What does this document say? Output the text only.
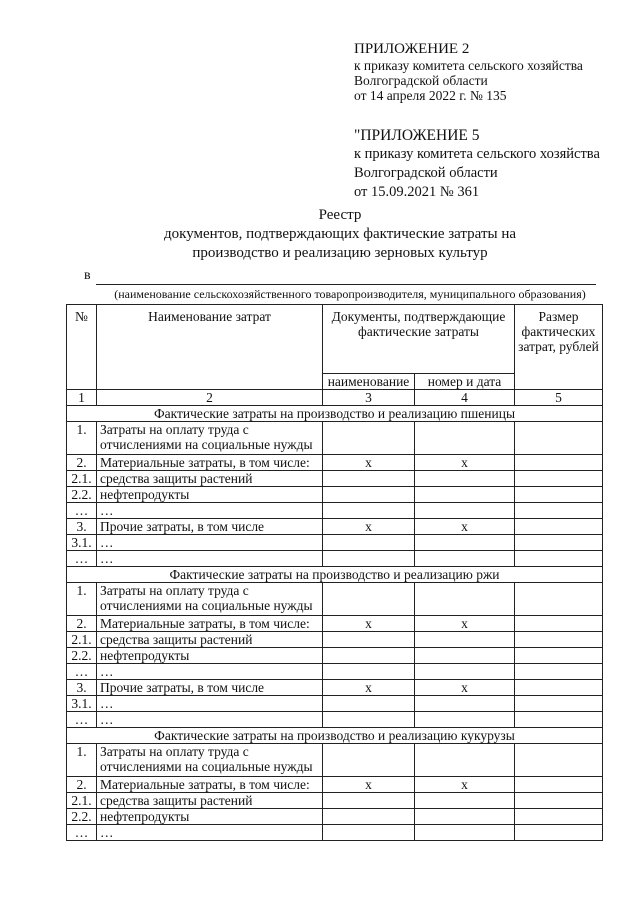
ПРИЛОЖЕНИЕ 2
к приказу комитета сельского хозяйства
Волгоградской области
от 14 апреля 2022 г. № 135
"ПРИЛОЖЕНИЕ 5
к приказу комитета сельского хозяйства
Волгоградской области
от 15.09.2021 № 361
Реестр
документов, подтверждающих фактические затраты на
производство и реализацию зерновых культур
в
(наименование сельскохозяйственного товаропроизводителя, муниципального образования)
№	Наименование затрат	Документы, подтверждающие фактические затраты		Размер фактических затрат, рублей
		наименование	номер и дата	
1	2	3	4	5
Фактические затраты на производство и реализацию пшеницы				
1.	Затраты на оплату труда с отчислениями на социальные нужды			
2.	Материальные затраты, в том числе:	x	x	
2.1.	средства защиты растений			
2.2.	нефтепродукты			
…	…			
3.	Прочие затраты, в том числе	x	x	
3.1.	…			
…	…			
Фактические затраты на производство и реализацию ржи				
1.	Затраты на оплату труда с отчислениями на социальные нужды			
2.	Материальные затраты, в том числе:	x	x	
2.1.	средства защиты растений			
2.2.	нефтепродукты			
…	…			
3.	Прочие затраты, в том числе	x	x	
3.1.	…			
…	…			
Фактические затраты на производство и реализацию кукурузы				
1.	Затраты на оплату труда с отчислениями на социальные нужды			
2.	Материальные затраты, в том числе:	x	x	
2.1.	средства защиты растений			
2.2.	нефтепродукты			
…	…			
